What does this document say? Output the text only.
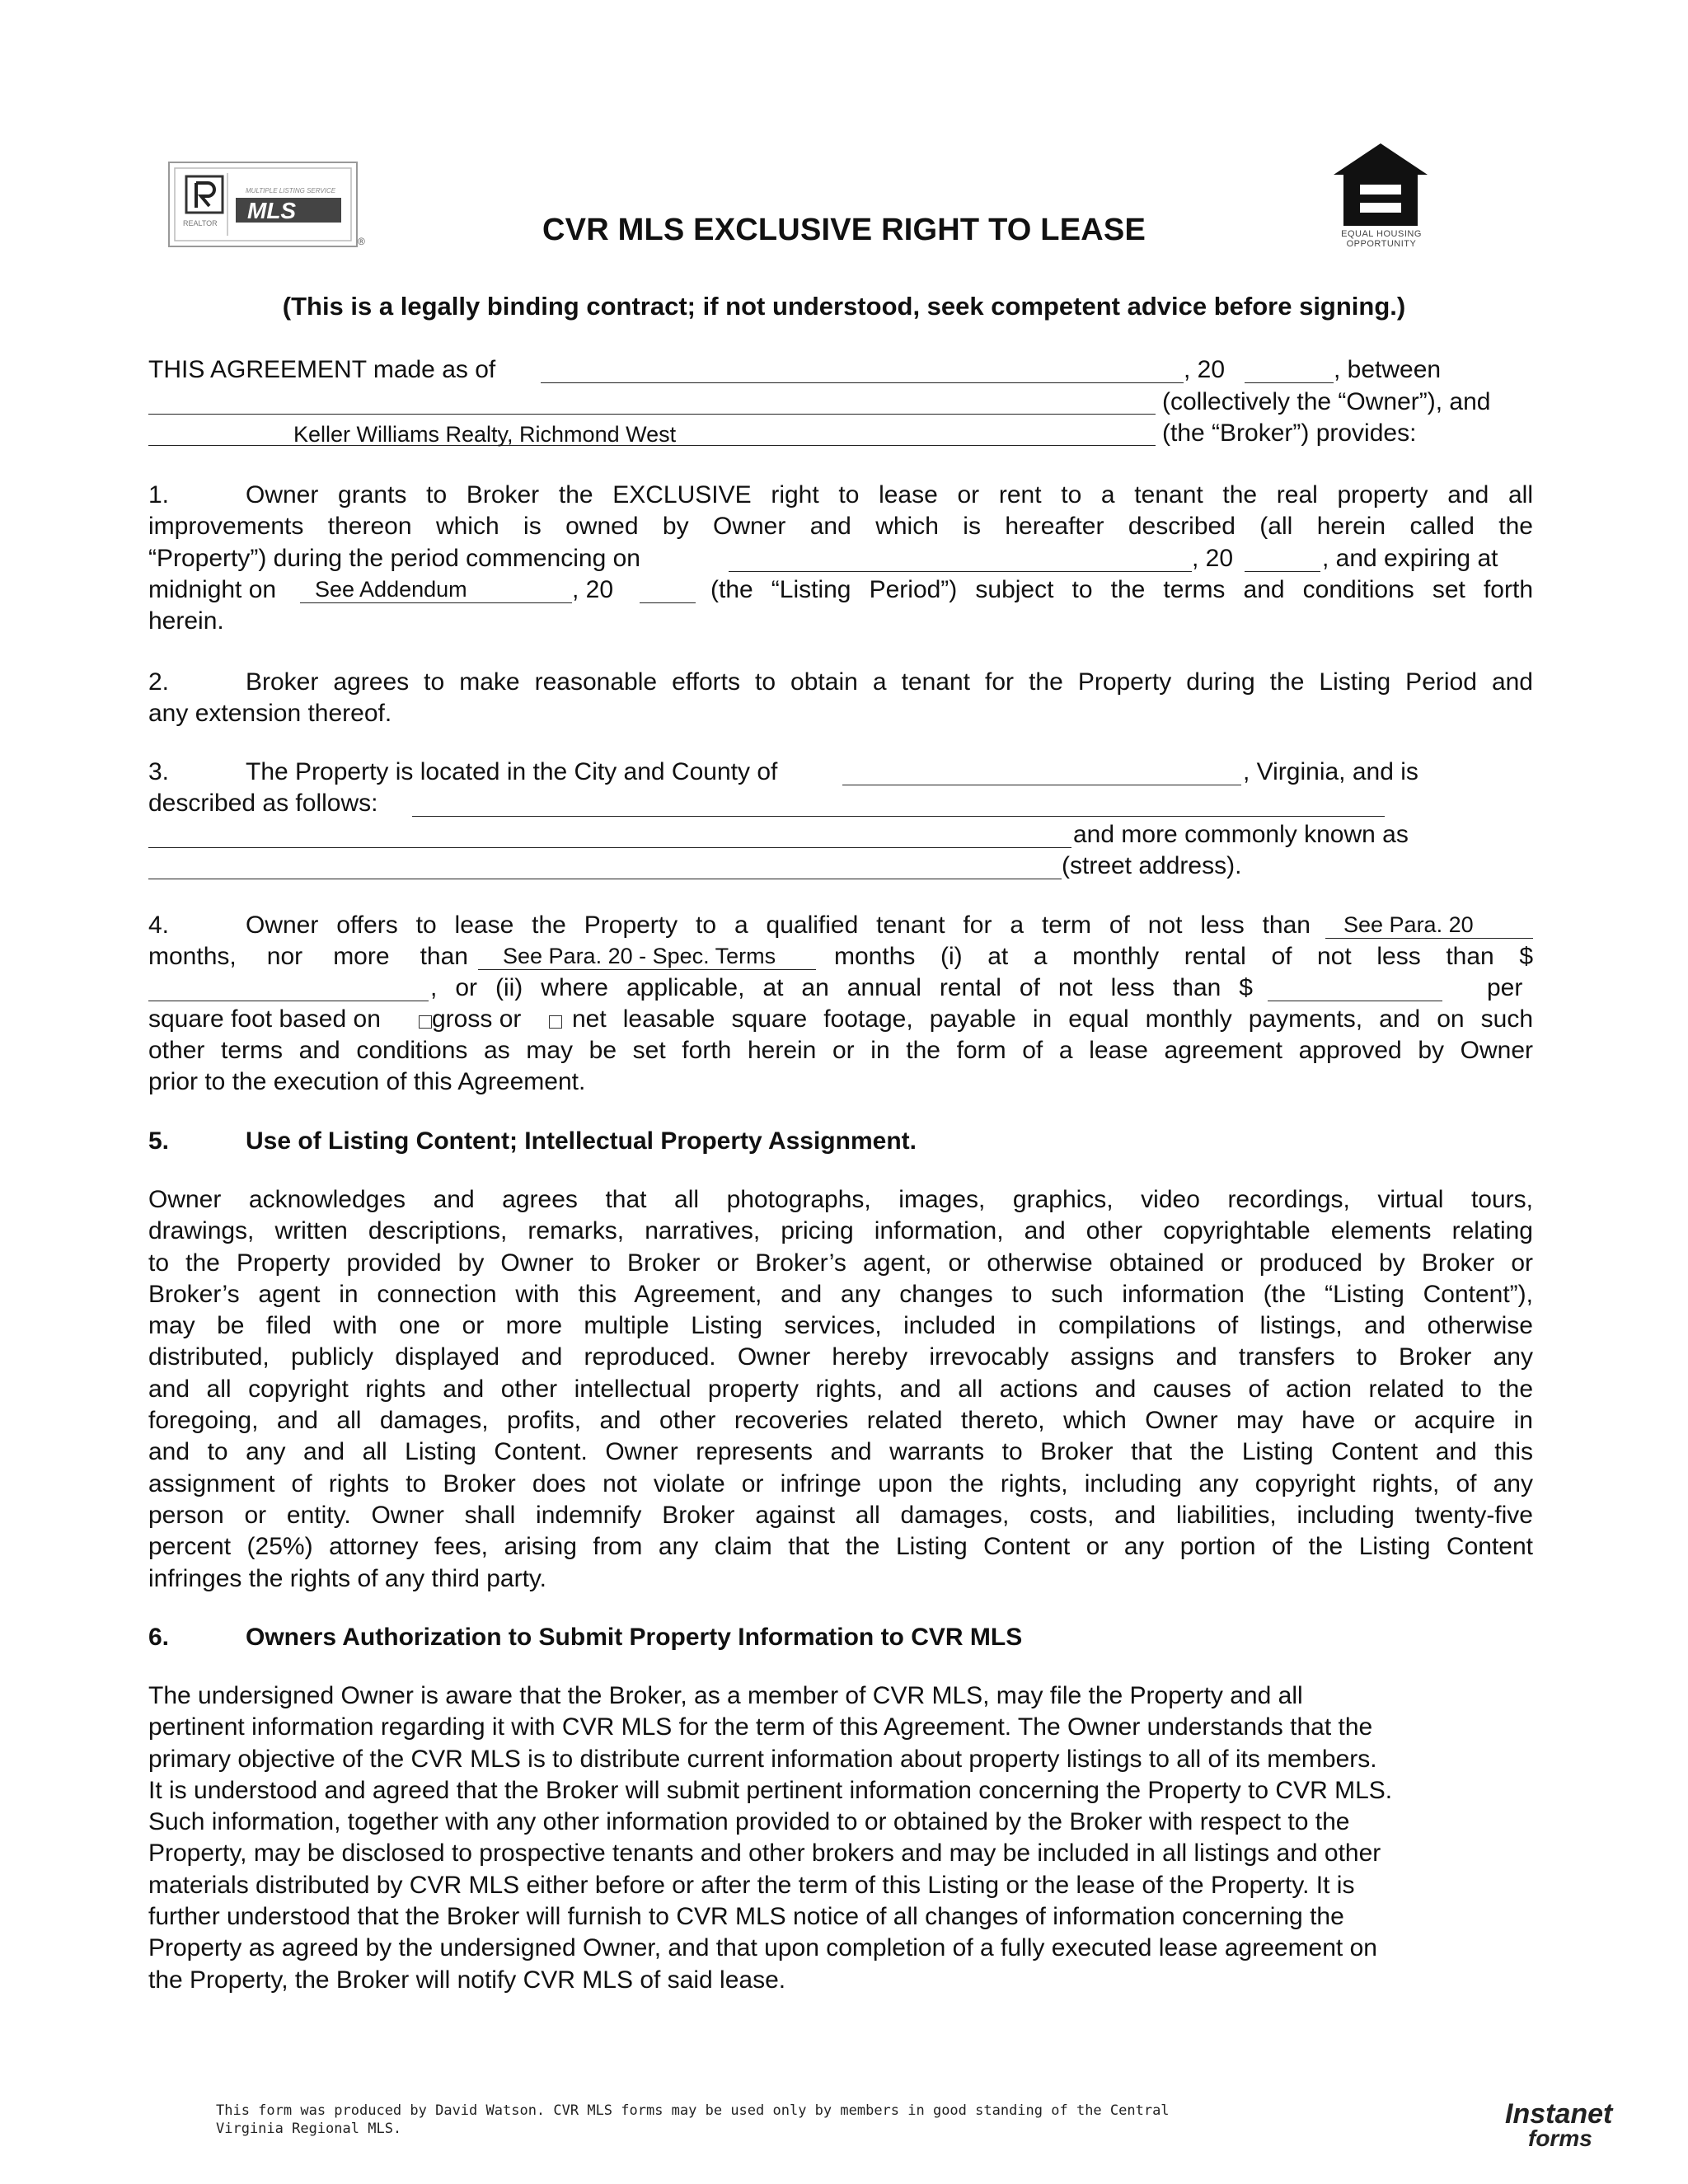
REALTOR
MULTIPLE LISTING SERVICE
MLS
®	CVR MLS EXCLUSIVE RIGHT TO LEASE	EQUAL HOUSING
OPPORTUNITY
(This is a legally binding contract; if not understood, seek competent advice before signing.)
THIS AGREEMENT made as of	, 20	, between
(collectively the “Owner”), and
Keller Williams Realty, Richmond West	(the “Broker”) provides:
1.	Owner grants to Broker the EXCLUSIVE right to lease or rent to a tenant the real property and all
improvements thereon which is owned by Owner and which is hereafter described (all herein called the
“Property”) during the period commencing on	, 20	, and expiring at
midnight on See Addendum	, 20	(the “Listing Period”) subject to the terms and conditions set forth
herein.
2.	Broker agrees to make reasonable efforts to obtain a tenant for the Property during the Listing Period and
any extension thereof.
3.	The Property is located in the City and County of	, Virginia, and is
described as follows:
and more commonly known as
(street address).
4.	Owner offers to lease the Property to a qualified tenant for a term of not less than See Para. 20
months, nor more than See Para. 20 - Spec. Terms months (i) at a monthly rental of not less than $
, or (ii) where applicable, at an annual rental of not less than $	per
square foot based on gross or net leasable square footage, payable in equal monthly payments, and on such
other terms and conditions as may be set forth herein or in the form of a lease agreement approved by Owner
prior to the execution of this Agreement.
5.	Use of Listing Content; Intellectual Property Assignment.
Owner acknowledges and agrees that all photographs, images, graphics, video recordings, virtual tours,
drawings, written descriptions, remarks, narratives, pricing information, and other copyrightable elements relating
to the Property provided by Owner to Broker or Broker’s agent, or otherwise obtained or produced by Broker or
Broker’s agent in connection with this Agreement, and any changes to such information (the “Listing Content”),
may be filed with one or more multiple Listing services, included in compilations of listings, and otherwise
distributed, publicly displayed and reproduced. Owner hereby irrevocably assigns and transfers to Broker any
and all copyright rights and other intellectual property rights, and all actions and causes of action related to the
foregoing, and all damages, profits, and other recoveries related thereto, which Owner may have or acquire in
and to any and all Listing Content. Owner represents and warrants to Broker that the Listing Content and this
assignment of rights to Broker does not violate or infringe upon the rights, including any copyright rights, of any
person or entity. Owner shall indemnify Broker against all damages, costs, and liabilities, including twenty-five
percent (25%) attorney fees, arising from any claim that the Listing Content or any portion of the Listing Content
infringes the rights of any third party.
6.	Owners Authorization to Submit Property Information to CVR MLS
The undersigned Owner is aware that the Broker, as a member of CVR MLS, may file the Property and all
pertinent information regarding it with CVR MLS for the term of this Agreement. The Owner understands that the
primary objective of the CVR MLS is to distribute current information about property listings to all of its members.
It is understood and agreed that the Broker will submit pertinent information concerning the Property to CVR MLS.
Such information, together with any other information provided to or obtained by the Broker with respect to the
Property, may be disclosed to prospective tenants and other brokers and may be included in all listings and other
materials distributed by CVR MLS either before or after the term of this Listing or the lease of the Property. It is
further understood that the Broker will furnish to CVR MLS notice of all changes of information concerning the
Property as agreed by the undersigned Owner, and that upon completion of a fully executed lease agreement on
the Property, the Broker will notify CVR MLS of said lease.
This form was produced by David Watson. CVR MLS forms may be used only by members in good standing of the Central
Virginia Regional MLS.	Instanet
forms
